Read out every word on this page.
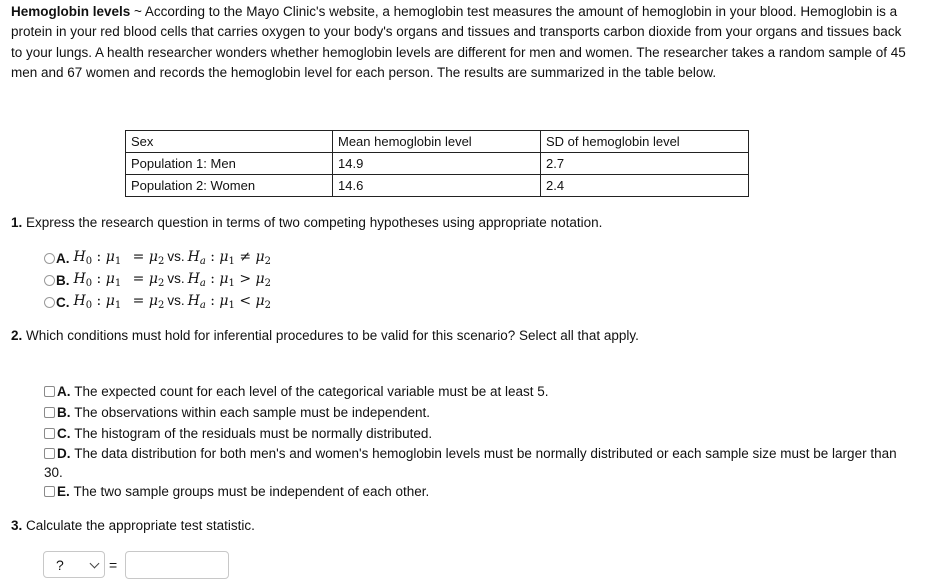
Hemoglobin levels ~ According to the Mayo Clinic's website, a hemoglobin test measures the amount of hemoglobin in your blood. Hemoglobin is a protein in your red blood cells that carries oxygen to your body's organs and tissues and transports carbon dioxide from your organs and tissues back to your lungs. A health researcher wonders whether hemoglobin levels are different for men and women. The researcher takes a random sample of 45 men and 67 women and records the hemoglobin level for each person. The results are summarized in the table below.
Sex	Mean hemoglobin level	SD of hemoglobin level
Population 1: Men	14.9	2.7
Population 2: Women	14.6	2.4
1. Express the research question in terms of two competing hypotheses using appropriate notation.
A. $H_0$ : $\mu_1 = \mu_2$ vs. $H_a$ : $\mu_1 \ne \mu_2$
B. $H_0$ : $\mu_1 = \mu_2$ vs. $H_a$ : $\mu_1 > \mu_2$
C. $H_0$ : $\mu_1 = \mu_2$ vs. $H_a$ : $\mu_1 < \mu_2$
2. Which conditions must hold for inferential procedures to be valid for this scenario? Select all that apply.
A.
The expected count for each level of the categorical variable must be at least 5.
B.
The observations within each sample must be independent.
C.
The histogram of the residuals must be normally distributed.
D. The data distribution for both men's and women's hemoglobin levels must be normally distributed or each sample size must be larger than 30.
E.
The two sample groups must be independent of each other.
3. Calculate the appropriate test statistic.
?	=
